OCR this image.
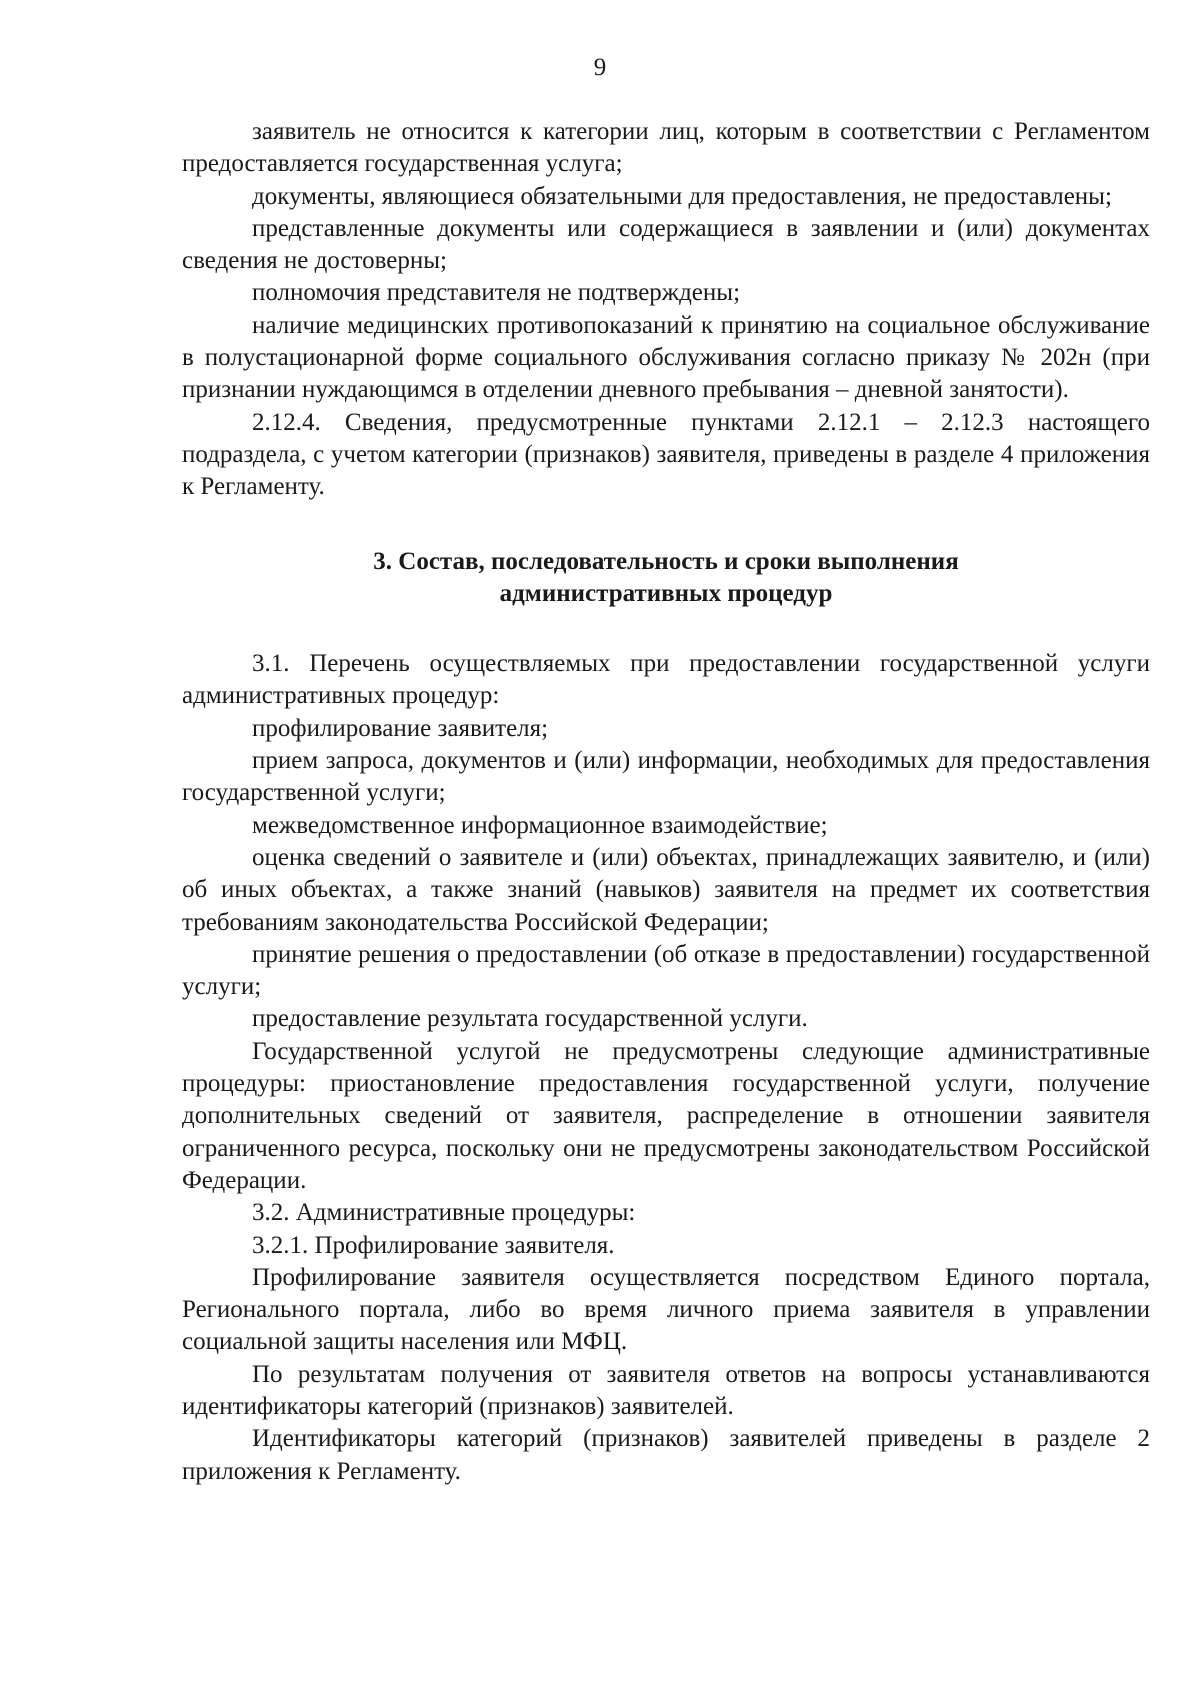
9

заявитель не относится к категории лиц, которым в соответствии с Регламентом предоставляется государственная услуга;

документы, являющиеся обязательными для предоставления, не предоставлены;

представленные документы или содержащиеся в заявлении и (или) документах сведения не достоверны;

полномочия представителя не подтверждены;

наличие медицинских противопоказаний к принятию на социальное обслуживание в полустационарной форме социального обслуживания согласно приказу № 202н (при признании нуждающимся в отделении дневного пребывания – дневной занятости).

2.12.4. Сведения, предусмотренные пунктами 2.12.1 – 2.12.3 настоящего подраздела, с учетом категории (признаков) заявителя, приведены в разделе 4 приложения к Регламенту.

3. Состав, последовательность и сроки выполнения
административных процедур

3.1. Перечень осуществляемых при предоставлении государственной услуги административных процедур:

профилирование заявителя;

прием запроса, документов и (или) информации, необходимых для предоставления государственной услуги;

межведомственное информационное взаимодействие;

оценка сведений о заявителе и (или) объектах, принадлежащих заявителю, и (или) об иных объектах, а также знаний (навыков) заявителя на предмет их соответствия требованиям законодательства Российской Федерации;

принятие решения о предоставлении (об отказе в предоставлении) государственной услуги;

предоставление результата государственной услуги.

Государственной услугой не предусмотрены следующие административные процедуры: приостановление предоставления государственной услуги, получение дополнительных сведений от заявителя, распределение в отношении заявителя ограниченного ресурса, поскольку они не предусмотрены законодательством Российской Федерации.

3.2. Административные процедуры:

3.2.1. Профилирование заявителя.

Профилирование заявителя осуществляется посредством Единого портала, Регионального портала, либо во время личного приема заявителя в управлении социальной защиты населения или МФЦ.

По результатам получения от заявителя ответов на вопросы устанавливаются идентификаторы категорий (признаков) заявителей.

Идентификаторы категорий (признаков) заявителей приведены в разделе 2 приложения к Регламенту.
